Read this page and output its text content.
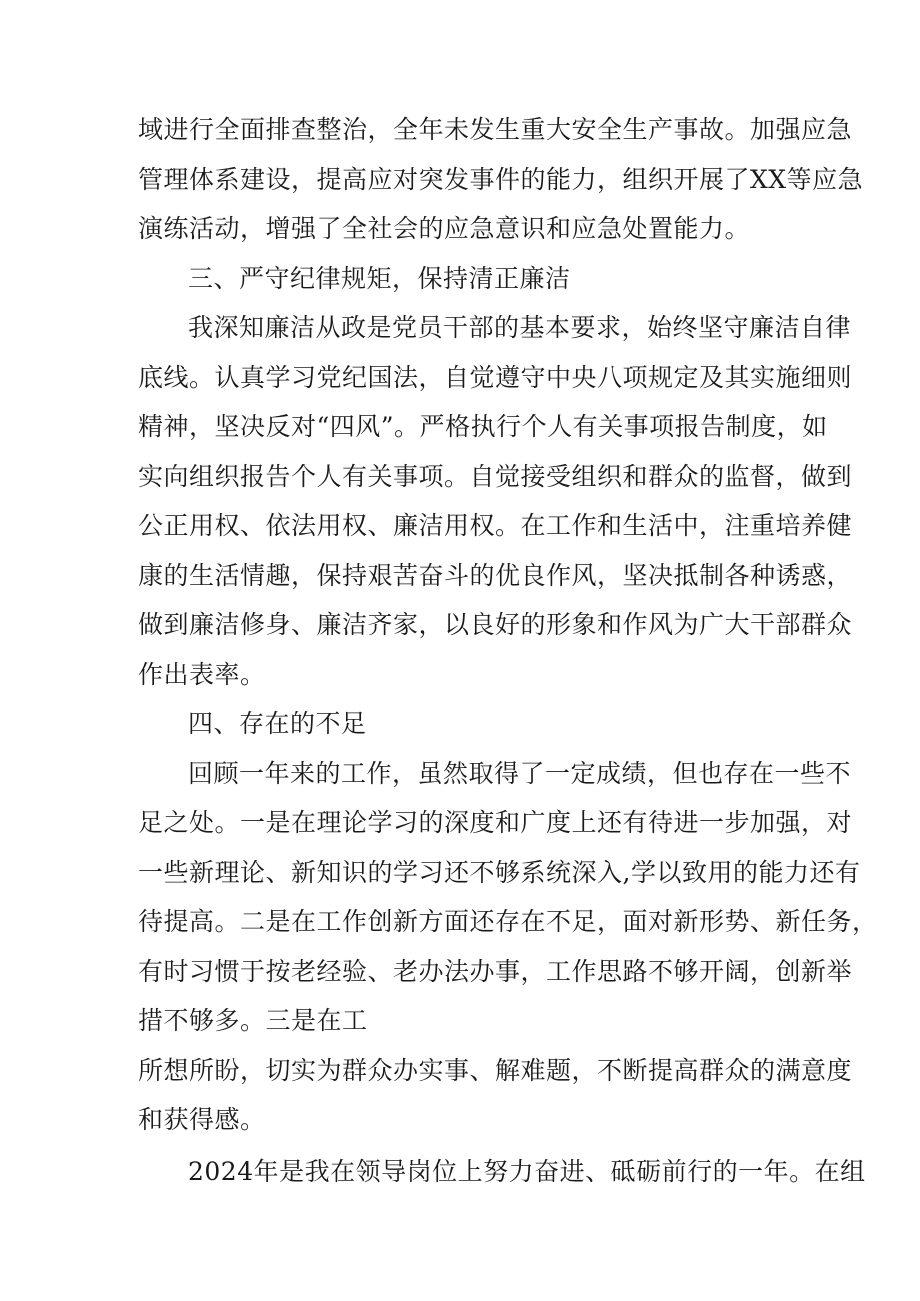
域进行全面排查整治，全年未发生重大安全生产事故。加强应急
管理体系建设，提高应对突发事件的能力，组织开展了XX等应急
演练活动，增强了全社会的应急意识和应急处置能力。
三、严守纪律规矩，保持清正廉洁
我深知廉洁从政是党员干部的基本要求，始终坚守廉洁自律
底线。认真学习党纪国法，自觉遵守中央八项规定及其实施细则
精神，坚决反对“四风”。严格执行个人有关事项报告制度，如
实向组织报告个人有关事项。自觉接受组织和群众的监督，做到
公正用权、依法用权、廉洁用权。在工作和生活中，注重培养健
康的生活情趣，保持艰苦奋斗的优良作风，坚决抵制各种诱惑，
做到廉洁修身、廉洁齐家，以良好的形象和作风为广大干部群众
作出表率。
四、存在的不足
回顾一年来的工作，虽然取得了一定成绩，但也存在一些不
足之处。一是在理论学习的深度和广度上还有待进一步加强，对
一些新理论、新知识的学习还不够系统深入,学以致用的能力还有
待提高。二是在工作创新方面还存在不足，面对新形势、新任务，
有时习惯于按老经验、老办法办事，工作思路不够开阔，创新举
措不够多。三是在工
所想所盼，切实为群众办实事、解难题，不断提高群众的满意度
和获得感。
2024年是我在领导岗位上努力奋进、砥砺前行的一年。在组
